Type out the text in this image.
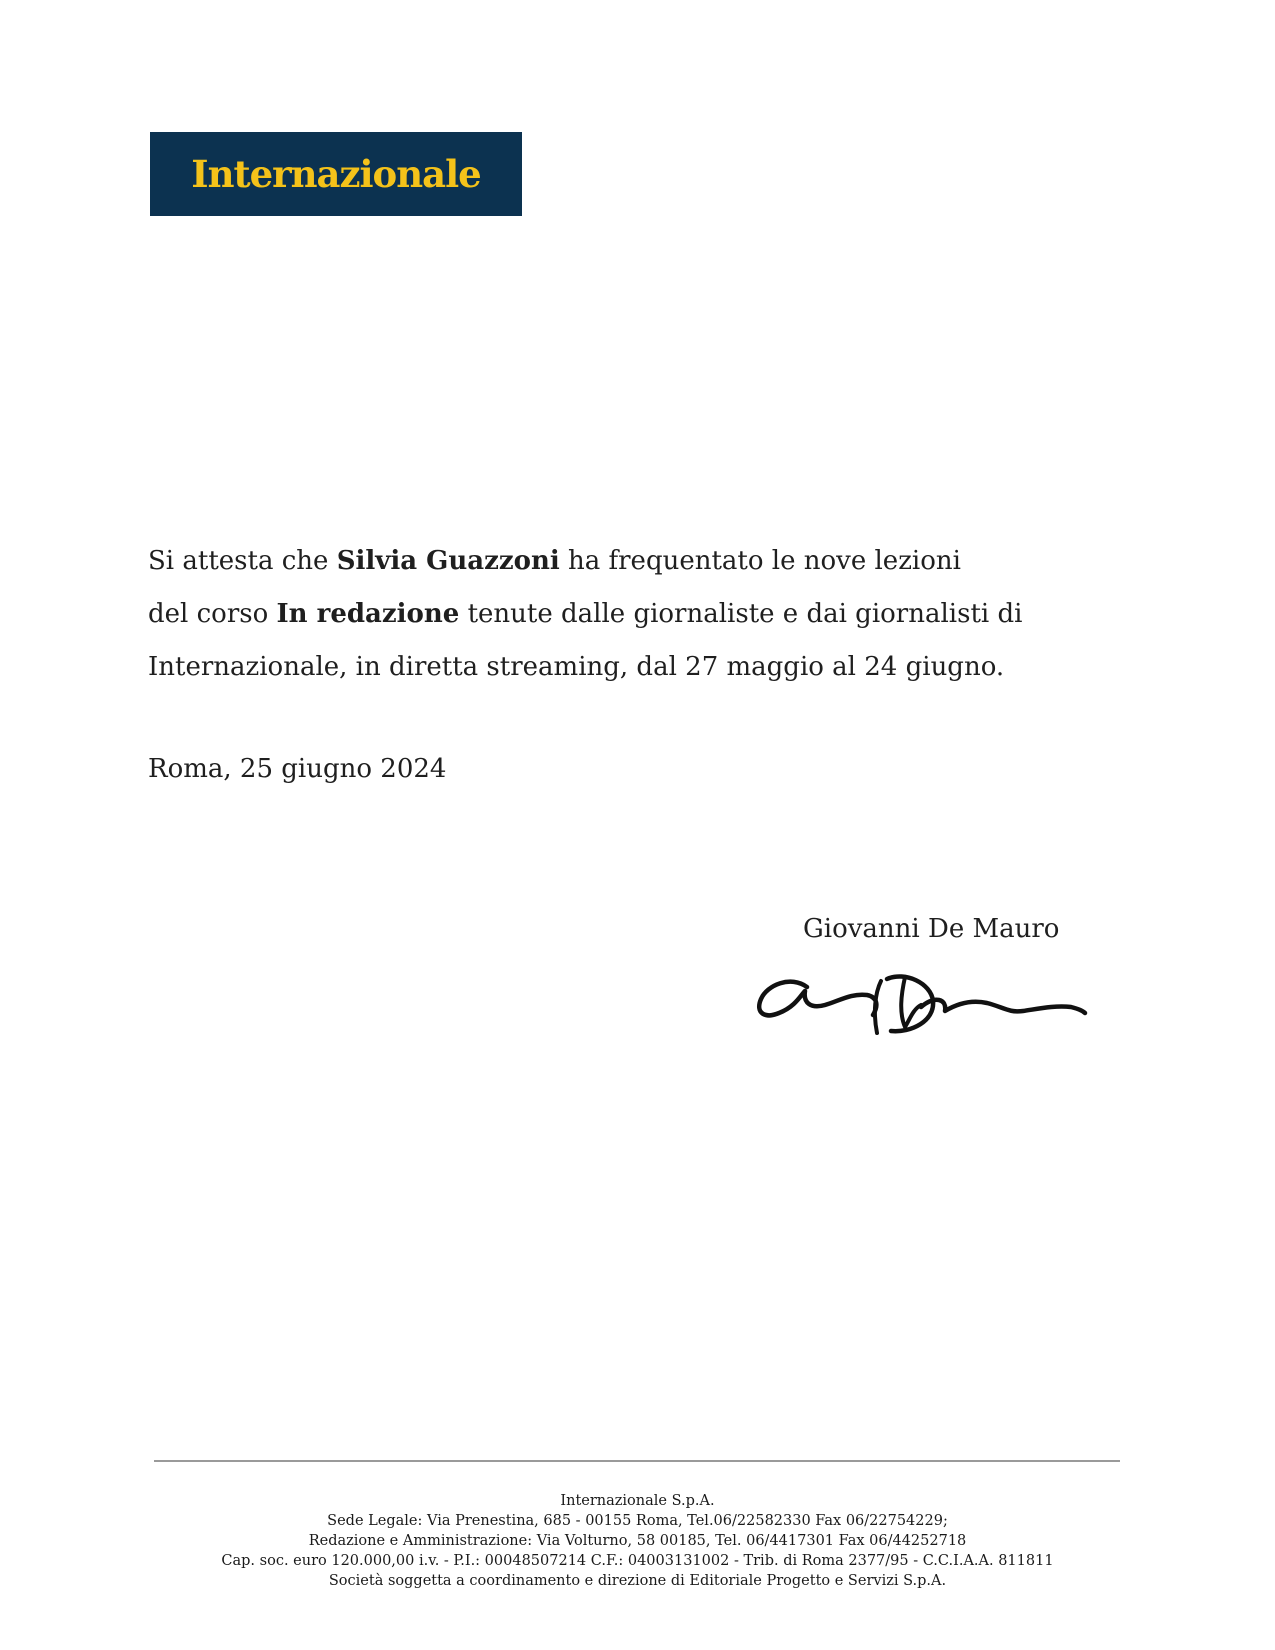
Internazionale
Si attesta che Silvia Guazzoni ha frequentato le nove lezioni
del corso In redazione tenute dalle giornaliste e dai giornalisti di
Internazionale, in diretta streaming, dal 27 maggio al 24 giugno.
Roma, 25 giugno 2024
Giovanni De Mauro
Internazionale S.p.A.
Sede Legale: Via Prenestina, 685 - 00155 Roma, Tel.06/22582330 Fax 06/22754229;
Redazione e Amministrazione: Via Volturno, 58 00185, Tel. 06/4417301 Fax 06/44252718
Cap. soc. euro 120.000,00 i.v. - P.I.: 00048507214 C.F.: 04003131002 - Trib. di Roma 2377/95 - C.C.I.A.A. 811811
Società soggetta a coordinamento e direzione di Editoriale Progetto e Servizi S.p.A.
